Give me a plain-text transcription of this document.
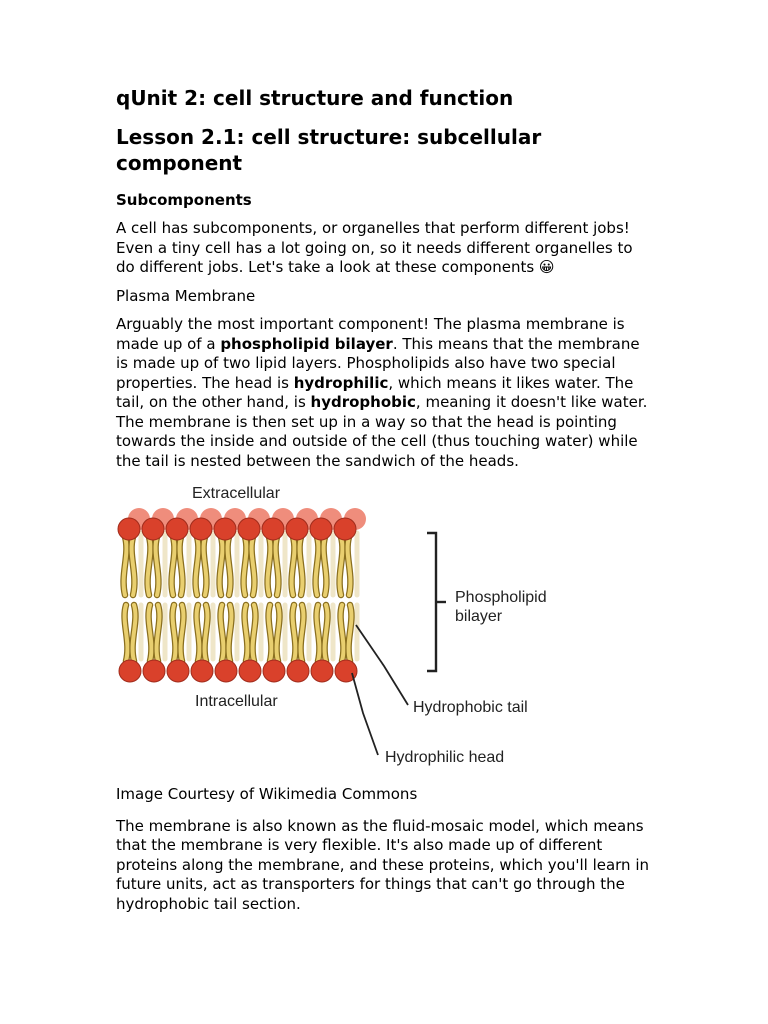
qUnit 2: cell structure and function
Lesson 2.1: cell structure: subcellular component
Subcomponents

A cell has subcomponents, or organelles that perform different jobs! Even a tiny cell has a lot going on, so it needs different organelles to do different jobs. Let's take a look at these components 😀

Plasma Membrane

Arguably the most important component! The plasma membrane is made up of a phospholipid bilayer. This means that the membrane is made up of two lipid layers. Phospholipids also have two special properties. The head is hydrophilic, which means it likes water. The tail, on the other hand, is hydrophobic, meaning it doesn't like water. The membrane is then set up in a way so that the head is pointing towards the inside and outside of the cell (thus touching water) while the tail is nested between the sandwich of the heads.

Extracellular
Intracellular
Phospholipid
bilayer
Hydrophobic tail
Hydrophilic head

Image Courtesy of Wikimedia Commons

The membrane is also known as the fluid-mosaic model, which means that the membrane is very flexible. It's also made up of different proteins along the membrane, and these proteins, which you'll learn in future units, act as transporters for things that can't go through the hydrophobic tail section.
